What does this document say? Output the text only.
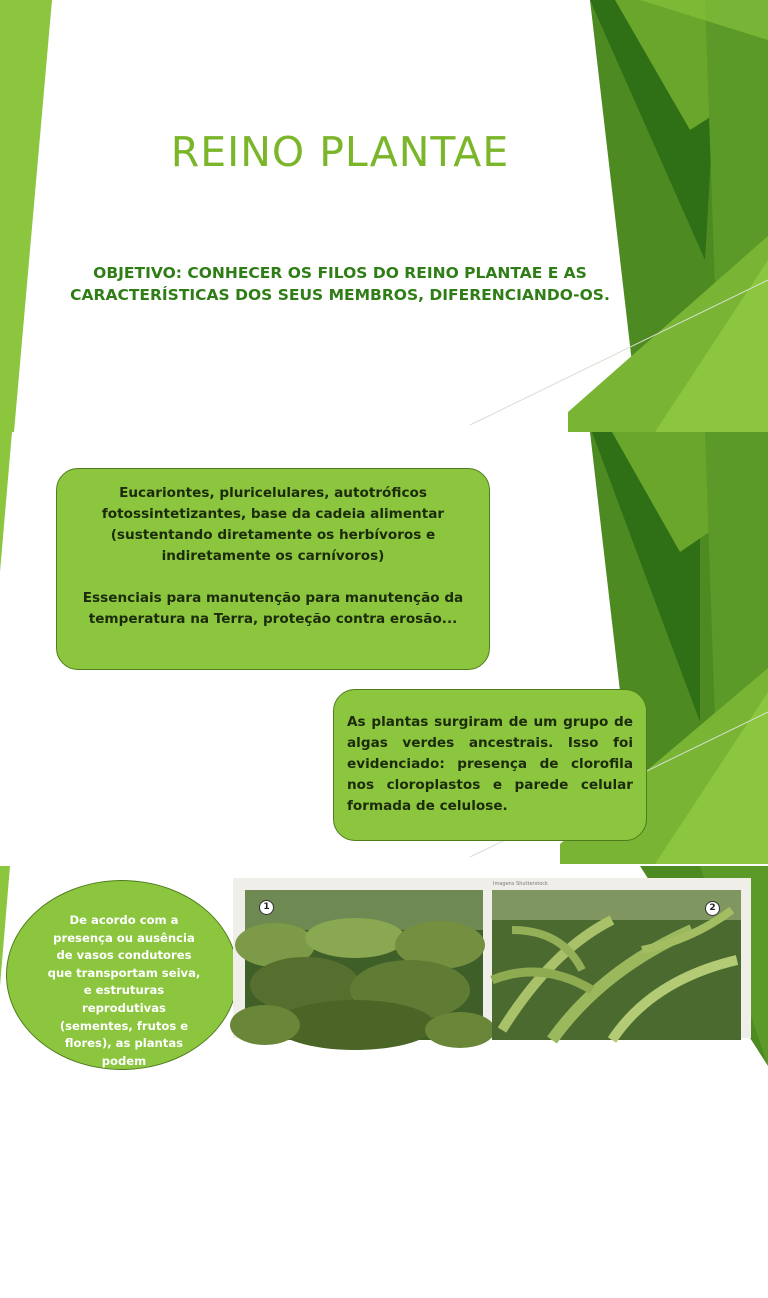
REINO PLANTAE
OBJETIVO: CONHECER OS FILOS DO REINO PLANTAE E AS
CARACTERÍSTICAS DOS SEUS MEMBROS, DIFERENCIANDO-OS.

Eucariontes, pluricelulares, autotróficos fotossintetizantes, base da cadeia alimentar (sustentando diretamente os herbívoros e indiretamente os carnívoros)

Essenciais para manutenção para manutenção da temperatura na Terra, proteção contra erosão...

As plantas surgiram de um grupo de algas verdes ancestrais. Isso foi evidenciado: presença de clorofila nos cloroplastos e parede celular formada de celulose.

De acordo com a presença ou ausência de vasos condutores que transportam seiva, e estruturas reprodutivas (sementes, frutos e flores), as plantas podem
Imagens Shutterstock
1	2
